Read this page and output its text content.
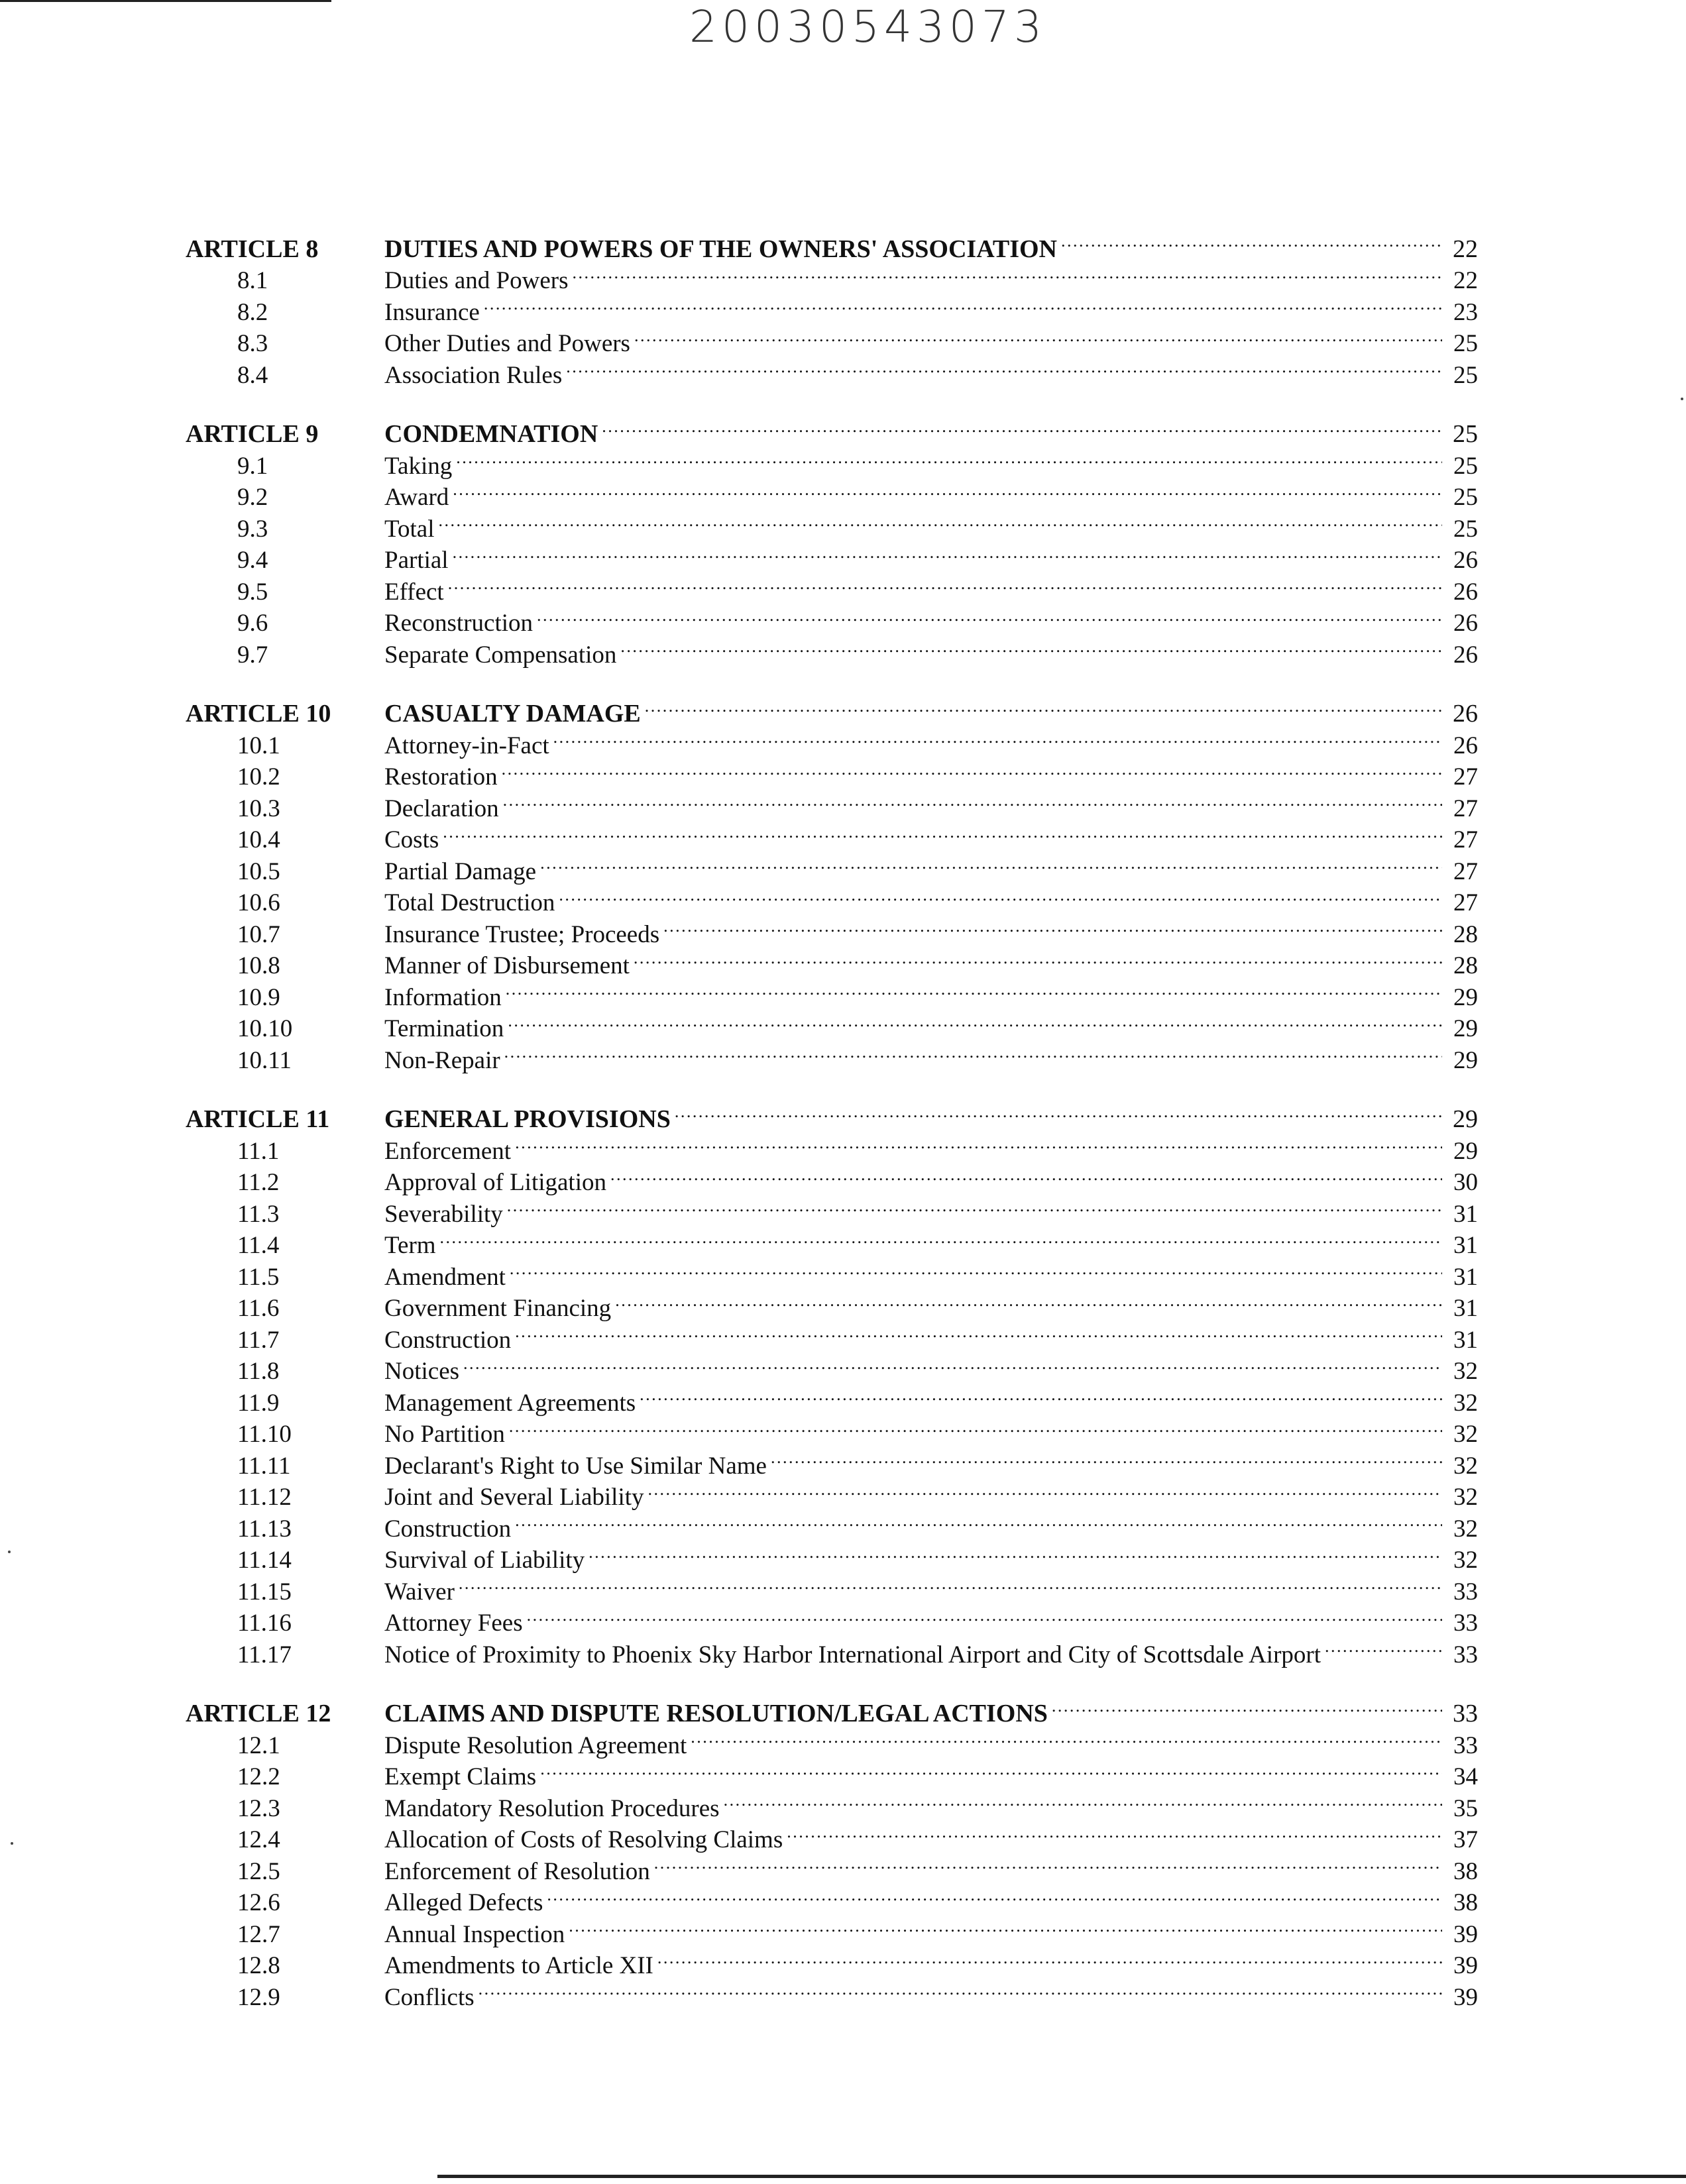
20030543073
ARTICLE 8	DUTIES AND POWERS OF THE OWNERS' ASSOCIATION . . .	22
8.1	Duties and Powers . . .	22
8.2	Insurance . . .	23
8.3	Other Duties and Powers . . .	25
8.4	Association Rules . . .	25
ARTICLE 9	CONDEMNATION . . .	25
9.1	Taking . . .	25
9.2	Award . . .	25
9.3	Total . . .	25
9.4	Partial . . .	26
9.5	Effect . . .	26
9.6	Reconstruction . . .	26
9.7	Separate Compensation . . .	26
ARTICLE 10	CASUALTY DAMAGE . . .	26
10.1	Attorney-in-Fact . . .	26
10.2	Restoration . . .	27
10.3	Declaration . . .	27
10.4	Costs . . .	27
10.5	Partial Damage . . .	27
10.6	Total Destruction . . .	27
10.7	Insurance Trustee; Proceeds . . .	28
10.8	Manner of Disbursement . . .	28
10.9	Information . . .	29
10.10	Termination . . .	29
10.11	Non-Repair . . .	29
ARTICLE 11	GENERAL PROVISIONS . . .	29
11.1	Enforcement . . .	29
11.2	Approval of Litigation . . .	30
11.3	Severability . . .	31
11.4	Term . . .	31
11.5	Amendment . . .	31
11.6	Government Financing . . .	31
11.7	Construction . . .	31
11.8	Notices . . .	32
11.9	Management Agreements . . .	32
11.10	No Partition . . .	32
11.11	Declarant's Right to Use Similar Name . . .	32
11.12	Joint and Several Liability . . .	32
11.13	Construction . . .	32
11.14	Survival of Liability . . .	32
11.15	Waiver . . .	33
11.16	Attorney Fees . . .	33
11.17	Notice of Proximity to Phoenix Sky Harbor International Airport and City of Scottsdale Airport . . .	33
ARTICLE 12	CLAIMS AND DISPUTE RESOLUTION/LEGAL ACTIONS . . .	33
12.1	Dispute Resolution Agreement . . .	33
12.2	Exempt Claims . . .	34
12.3	Mandatory Resolution Procedures . . .	35
12.4	Allocation of Costs of Resolving Claims . . .	37
12.5	Enforcement of Resolution . . .	38
12.6	Alleged Defects . . .	38
12.7	Annual Inspection . . .	39
12.8	Amendments to Article XII . . .	39
12.9	Conflicts . . .	39
